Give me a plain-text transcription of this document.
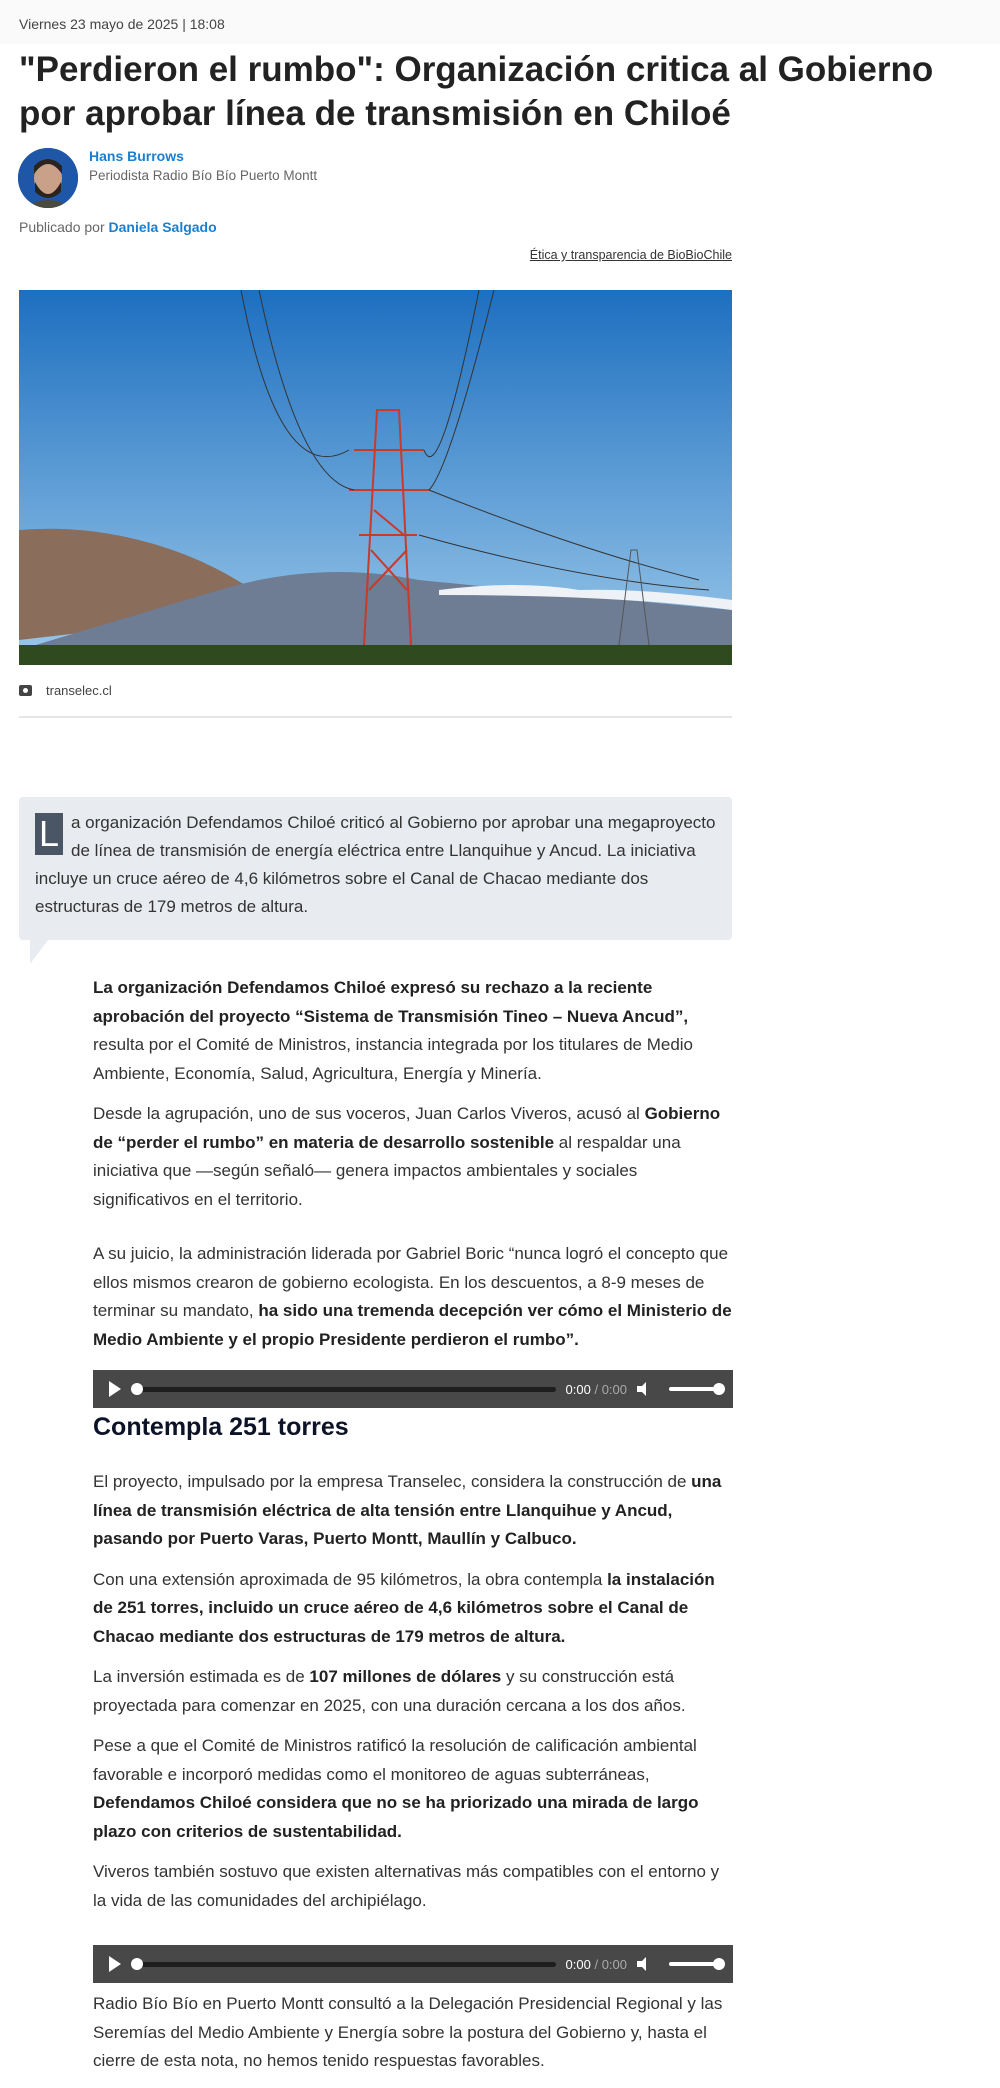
Viernes 23 mayo de 2025 | 18:08
"Perdieron el rumbo": Organización critica al Gobierno por aprobar línea de transmisión en Chiloé
Hans Burrows
Periodista Radio Bío Bío Puerto Montt
Publicado por Daniela Salgado
Ética y transparencia de BioBioChile
transelec.cl
L a organización Defendamos Chiloé criticó al Gobierno por aprobar una megaproyecto de línea de transmisión de energía eléctrica entre Llanquihue y Ancud. La iniciativa incluye un cruce aéreo de 4,6 kilómetros sobre el Canal de Chacao mediante dos estructuras de 179 metros de altura.

La organización Defendamos Chiloé expresó su rechazo a la reciente aprobación del proyecto “Sistema de Transmisión Tineo – Nueva Ancud”, resulta por el Comité de Ministros, instancia integrada por los titulares de Medio Ambiente, Economía, Salud, Agricultura, Energía y Minería.

Desde la agrupación, uno de sus voceros, Juan Carlos Viveros, acusó al Gobierno de “perder el rumbo” en materia de desarrollo sostenible al respaldar una iniciativa que —según señaló— genera impactos ambientales y sociales significativos en el territorio.

A su juicio, la administración liderada por Gabriel Boric “nunca logró el concepto que ellos mismos crearon de gobierno ecologista. En los descuentos, a 8-9 meses de terminar su mandato, ha sido una tremenda decepción ver cómo el Ministerio de Medio Ambiente y el propio Presidente perdieron el rumbo”.

0:00 / 0:00
Contempla 251 torres

El proyecto, impulsado por la empresa Transelec, considera la construcción de una línea de transmisión eléctrica de alta tensión entre Llanquihue y Ancud, pasando por Puerto Varas, Puerto Montt, Maullín y Calbuco.

Con una extensión aproximada de 95 kilómetros, la obra contempla la instalación de 251 torres, incluido un cruce aéreo de 4,6 kilómetros sobre el Canal de Chacao mediante dos estructuras de 179 metros de altura.

La inversión estimada es de 107 millones de dólares y su construcción está proyectada para comenzar en 2025, con una duración cercana a los dos años.

Pese a que el Comité de Ministros ratificó la resolución de calificación ambiental favorable e incorporó medidas como el monitoreo de aguas subterráneas, Defendamos Chiloé considera que no se ha priorizado una mirada de largo plazo con criterios de sustentabilidad.

Viveros también sostuvo que existen alternativas más compatibles con el entorno y la vida de las comunidades del archipiélago.

0:00 / 0:00

Radio Bío Bío en Puerto Montt consultó a la Delegación Presidencial Regional y las Seremías del Medio Ambiente y Energía sobre la postura del Gobierno y, hasta el cierre de esta nota, no hemos tenido respuestas favorables.
